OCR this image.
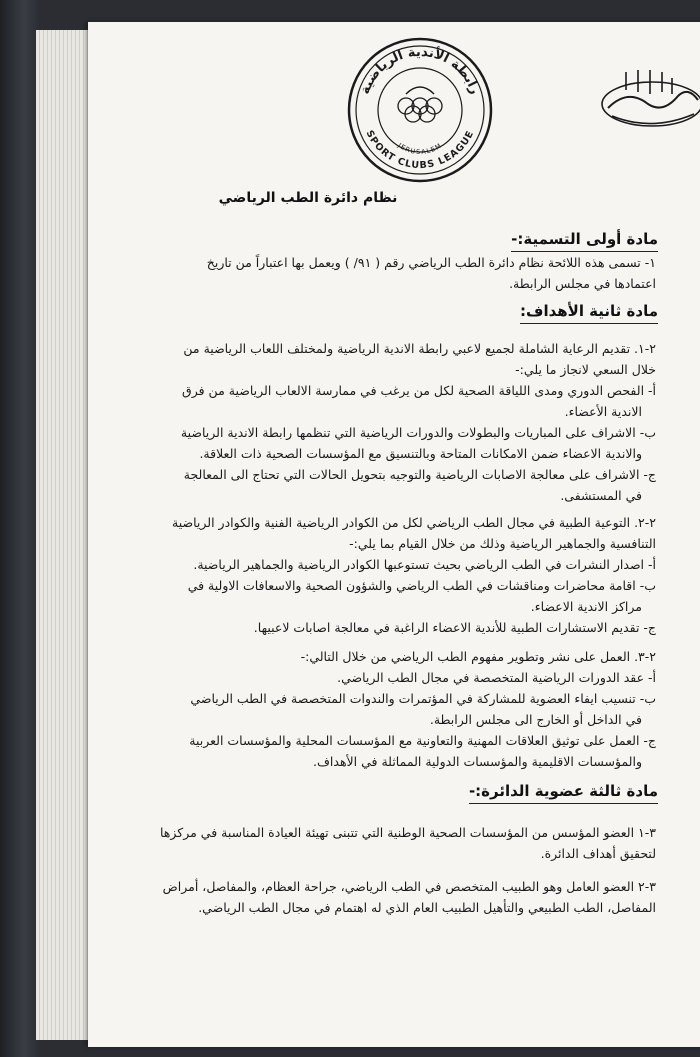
رابطة الأندية الرياضية
SPORT CLUBS LEAGUE
JERUSALEM
نظام دائرة الطب الرياضي
مادة أولى التسمية:-
١- تسمى هذه اللائحة نظام دائرة الطب الرياضي رقم ( ٩١/ ) ويعمل بها اعتباراً من تاريخ
اعتمادها في مجلس الرابطة.
مادة ثانية الأهداف:
٢-١. تقديم الرعاية الشاملة لجميع لاعبي رابطة الاندية الرياضية ولمختلف اللعاب الرياضية من
خلال السعي لانجاز ما يلي:-
أ- الفحص الدوري ومدى اللياقة الصحية لكل من يرغب في ممارسة الالعاب الرياضية من فرق
الاندية الأعضاء.
ب- الاشراف على المباريات والبطولات والدورات الرياضية التي تنظمها رابطة الاندية الرياضية
والاندية الاعضاء ضمن الامكانات المتاحة وبالتنسيق مع المؤسسات الصحية ذات العلاقة.
ج- الاشراف على معالجة الاصابات الرياضية والتوجيه بتحويل الحالات التي تحتاج الى المعالجة
في المستشفى.
٢-٢. التوعية الطبية في مجال الطب الرياضي لكل من الكوادر الرياضية الفنية والكوادر الرياضية
التنافسية والجماهير الرياضية وذلك من خلال القيام بما يلي:-
أ- اصدار النشرات في الطب الرياضي بحيث تستوعبها الكوادر الرياضية والجماهير الرياضية.
ب- اقامة محاضرات ومناقشات في الطب الرياضي والشؤون الصحية والاسعافات الاولية في
مراكز الاندية الاعضاء.
ج- تقديم الاستشارات الطبية للأندية الاعضاء الراغبة في معالجة اصابات لاعبيها.
٢-٣. العمل على نشر وتطوير مفهوم الطب الرياضي من خلال التالي:-
أ- عقد الدورات الرياضية المتخصصة في مجال الطب الرياضي.
ب- تنسيب ايفاء العضوية للمشاركة في المؤتمرات والندوات المتخصصة في الطب الرياضي
في الداخل أو الخارج الى مجلس الرابطة.
ج- العمل على توثيق العلاقات المهنية والتعاونية مع المؤسسات المحلية والمؤسسات العربية
والمؤسسات الاقليمية والمؤسسات الدولية المماثلة في الأهداف.
مادة ثالثة عضوية الدائرة:-
٣-١ العضو المؤسس من المؤسسات الصحية الوطنية التي تتبنى تهيئة العيادة المناسبة في مركزها
لتحقيق أهداف الدائرة.
٣-٢ العضو العامل وهو الطبيب المتخصص في الطب الرياضي، جراحة العظام، والمفاصل، أمراض
المفاصل، الطب الطبيعي والتأهيل الطبيب العام الذي له اهتمام في مجال الطب الرياضي.
